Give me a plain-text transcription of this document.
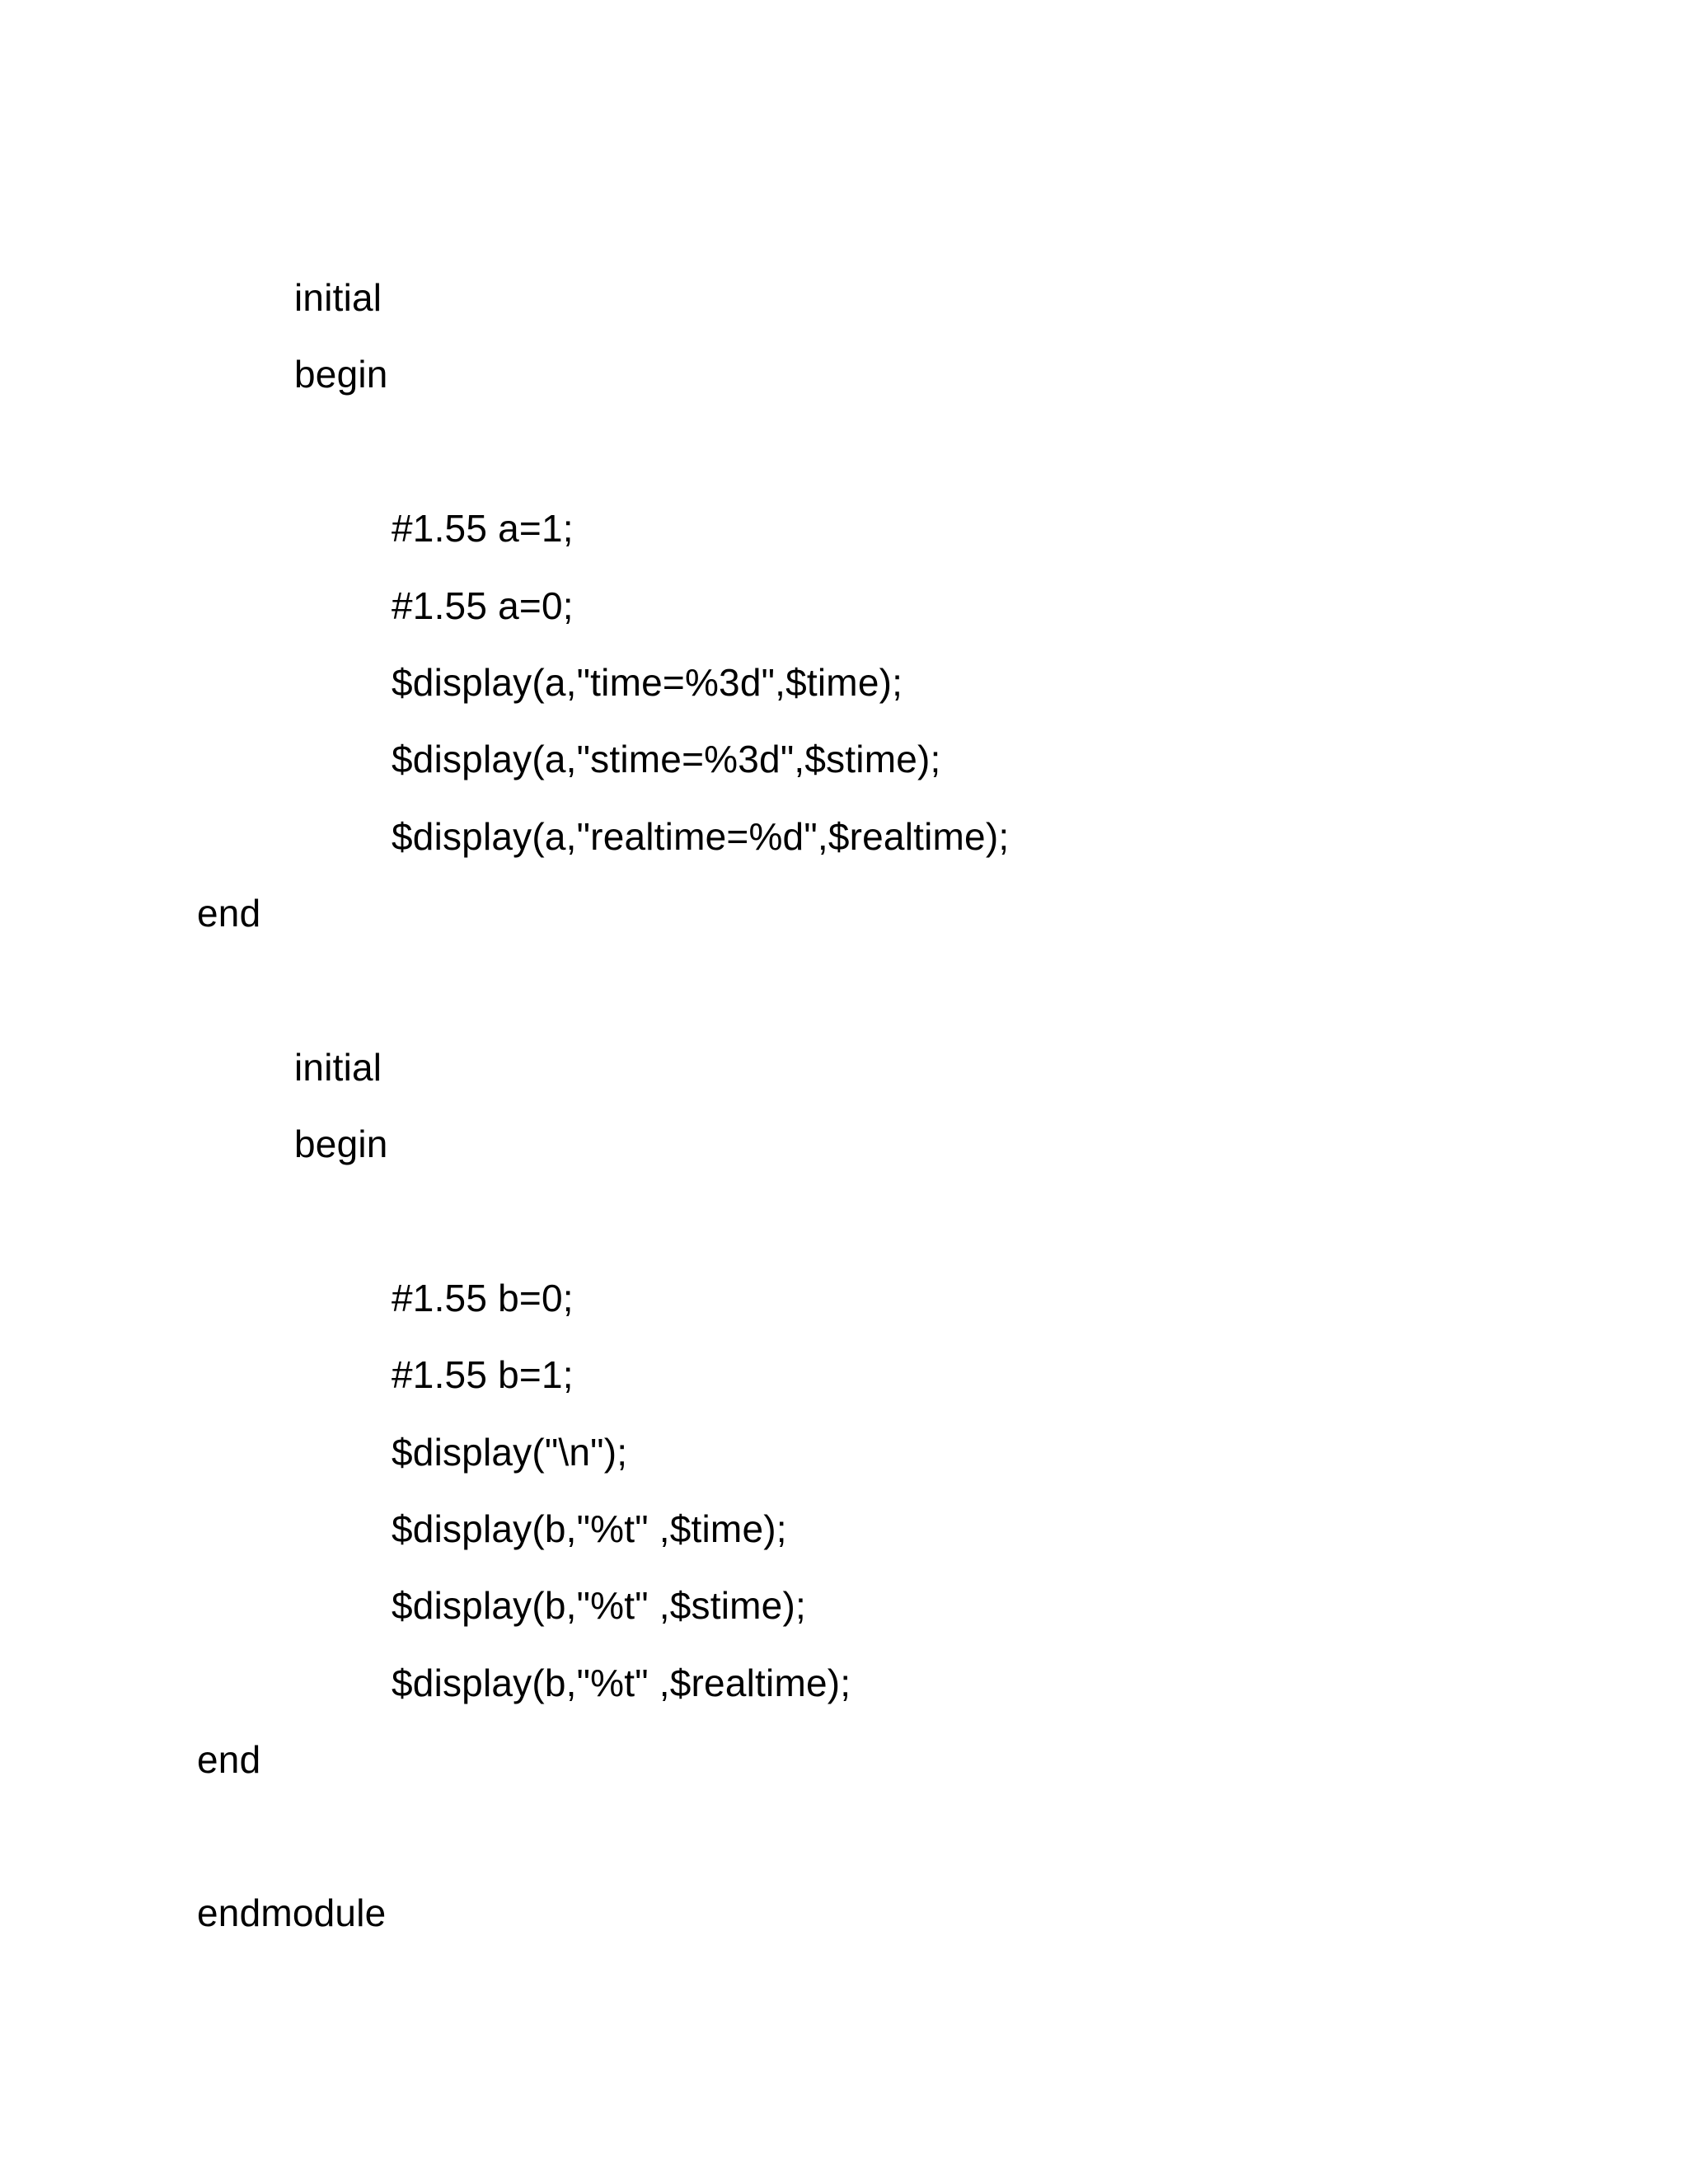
initial
begin
#1.55 a=1;
#1.55 a=0;
$display(a,"time=%3d",$time);
$display(a,"stime=%3d",$stime);
$display(a,"realtime=%d",$realtime);
end
initial
begin
#1.55 b=0;
#1.55 b=1;
$display("\n");
$display(b,"%t" ,$time);
$display(b,"%t" ,$stime);
$display(b,"%t" ,$realtime);
end
endmodule
